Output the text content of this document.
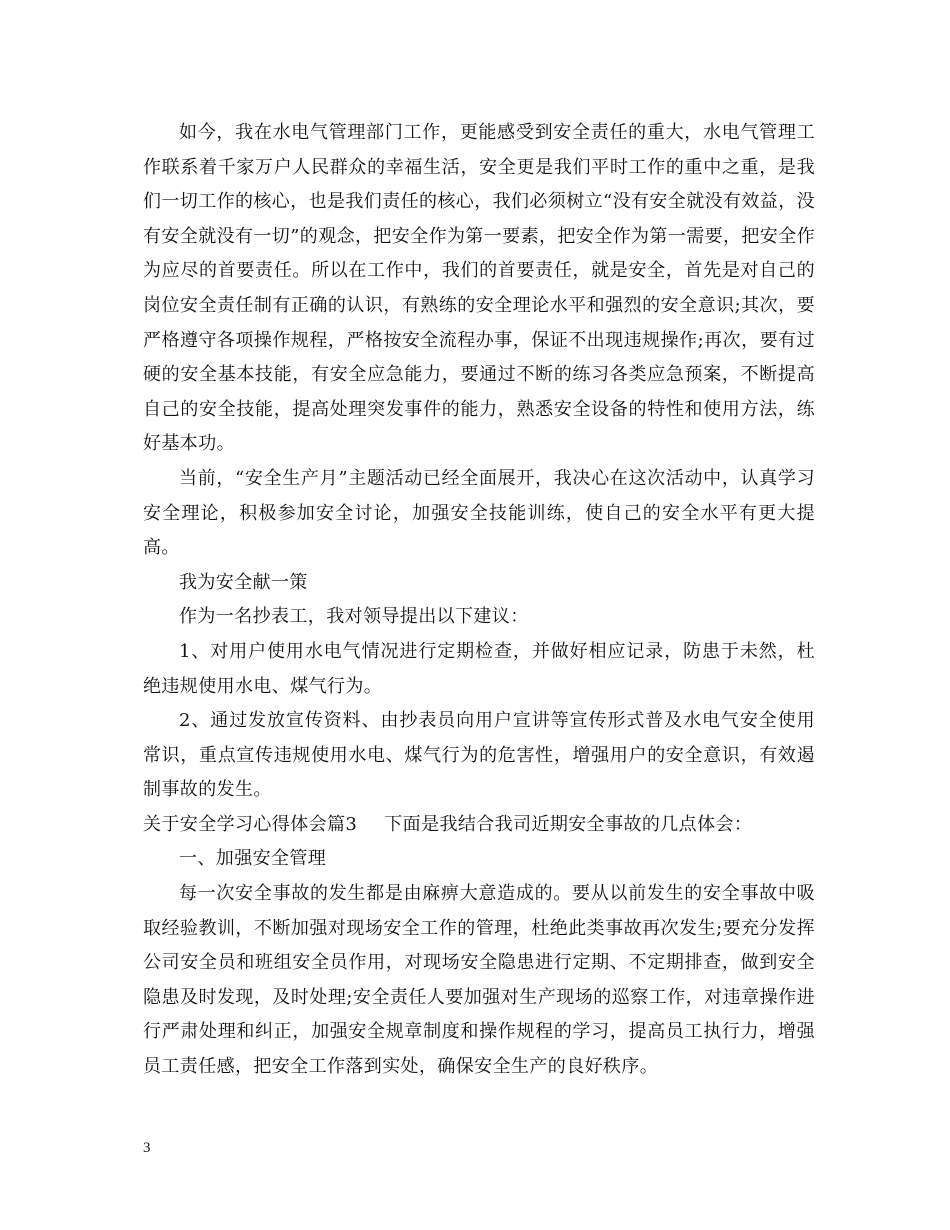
如今，我在水电气管理部门工作，更能感受到安全责任的重大，水电气管理工作联系着千家万户人民群众的幸福生活，安全更是我们平时工作的重中之重，是我们一切工作的核心，也是我们责任的核心，我们必须树立“没有安全就没有效益，没有安全就没有一切”的观念，把安全作为第一要素，把安全作为第一需要，把安全作为应尽的首要责任。所以在工作中，我们的首要责任，就是安全，首先是对自己的岗位安全责任制有正确的认识，有熟练的安全理论水平和强烈的安全意识;其次，要严格遵守各项操作规程，严格按安全流程办事，保证不出现违规操作;再次，要有过硬的安全基本技能，有安全应急能力，要通过不断的练习各类应急预案，不断提高自己的安全技能，提高处理突发事件的能力，熟悉安全设备的特性和使用方法，练好基本功。

当前，“安全生产月”主题活动已经全面展开，我决心在这次活动中，认真学习安全理论，积极参加安全讨论，加强安全技能训练，使自己的安全水平有更大提高。

我为安全献一策

作为一名抄表工，我对领导提出以下建议：

1、对用户使用水电气情况进行定期检查，并做好相应记录，防患于未然，杜绝违规使用水电、煤气行为。

2、通过发放宣传资料、由抄表员向用户宣讲等宣传形式普及水电气安全使用常识，重点宣传违规使用水电、煤气行为的危害性，增强用户的安全意识，有效遏制事故的发生。

关于安全学习心得体会篇3 下面是我结合我司近期安全事故的几点体会：

一、加强安全管理

每一次安全事故的发生都是由麻痹大意造成的。要从以前发生的安全事故中吸取经验教训，不断加强对现场安全工作的管理，杜绝此类事故再次发生;要充分发挥公司安全员和班组安全员作用，对现场安全隐患进行定期、不定期排查，做到安全隐患及时发现，及时处理;安全责任人要加强对生产现场的巡察工作，对违章操作进行严肃处理和纠正，加强安全规章制度和操作规程的学习，提高员工执行力，增强员工责任感，把安全工作落到实处，确保安全生产的良好秩序。

3
